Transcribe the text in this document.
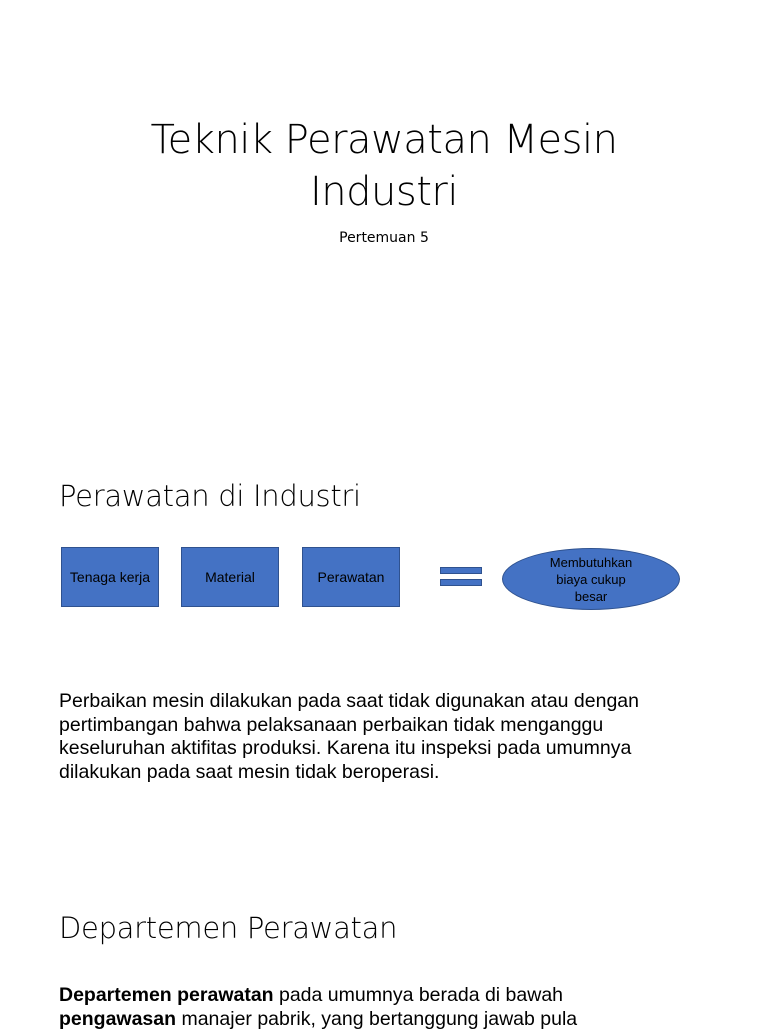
Teknik Perawatan Mesin Industri
Pertemuan 5
Perawatan di Industri
Tenaga kerja	Material	Perawatan
Membutuhkan biaya cukup besar
Perbaikan mesin dilakukan pada saat tidak digunakan atau dengan pertimbangan bahwa pelaksanaan perbaikan tidak menganggu keseluruhan aktifitas produksi. Karena itu inspeksi pada umumnya dilakukan pada saat mesin tidak beroperasi.
Departemen Perawatan
Departemen perawatan pada umumnya berada di bawah
pengawasan manajer pabrik, yang bertanggung jawab pula
